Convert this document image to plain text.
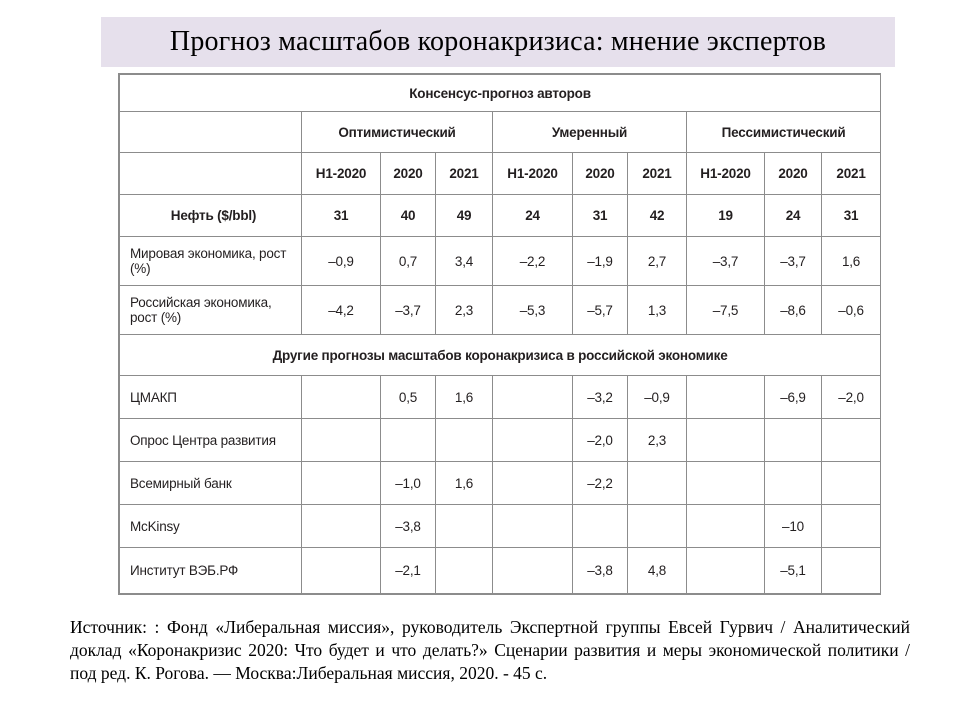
Прогноз масштабов коронакризиса: мнение экспертов
Консенсус-прогноз авторов									
	Оптимистический			Умеренный			Пессимистический		
	H1-2020	2020	2021	H1-2020	2020	2021	H1-2020	2020	2021
Нефть ($/bbl)	31	40	49	24	31	42	19	24	31
Мировая экономика, рост (%)	–0,9	0,7	3,4	–2,2	–1,9	2,7	–3,7	–3,7	1,6
Российская экономика, рост (%)	–4,2	–3,7	2,3	–5,3	–5,7	1,3	–7,5	–8,6	–0,6
Другие прогнозы масштабов коронакризиса в российской экономике									
ЦМАКП		0,5	1,6		–3,2	–0,9		–6,9	–2,0
Опрос Центра развития					–2,0	2,3			
Всемирный банк		–1,0	1,6		–2,2				
McKinsy		–3,8						–10	
Институт ВЭБ.РФ		–2,1			–3,8	4,8		–5,1	
Источник: : Фонд «Либеральная миссия», руководитель Экспертной группы Евсей Гурвич / Аналитический доклад «Коронакризис 2020: Что будет и что делать?» Сценарии развития и меры экономической политики / под ред. К. Рогова. — Москва:Либеральная миссия, 2020. - 45 с.
